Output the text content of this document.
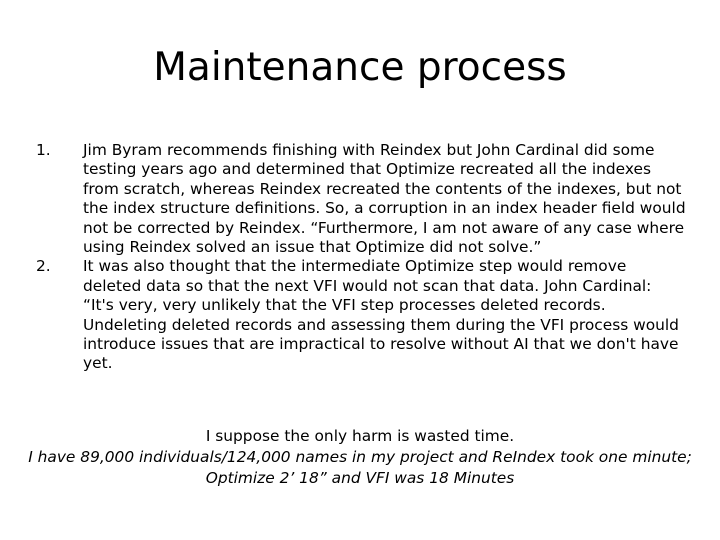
Maintenance process
1. Jim Byram recommends finishing with Reindex but John Cardinal did some testing years ago and determined that Optimize recreated all the indexes from scratch, whereas Reindex recreated the contents of the indexes, but not the index structure definitions. So, a corruption in an index header field would not be corrected by Reindex. “Furthermore, I am not aware of any case where using Reindex solved an issue that Optimize did not solve.”
2. It was also thought that the intermediate Optimize step would remove deleted data so that the next VFI would not scan that data. John Cardinal: “It's very, very unlikely that the VFI step processes deleted records. Undeleting deleted records and assessing them during the VFI process would introduce issues that are impractical to resolve without AI that we don't have yet.
I suppose the only harm is wasted time.
I have 89,000 individuals/124,000 names in my project and ReIndex took one minute; Optimize 2’ 18” and VFI was 18 Minutes
